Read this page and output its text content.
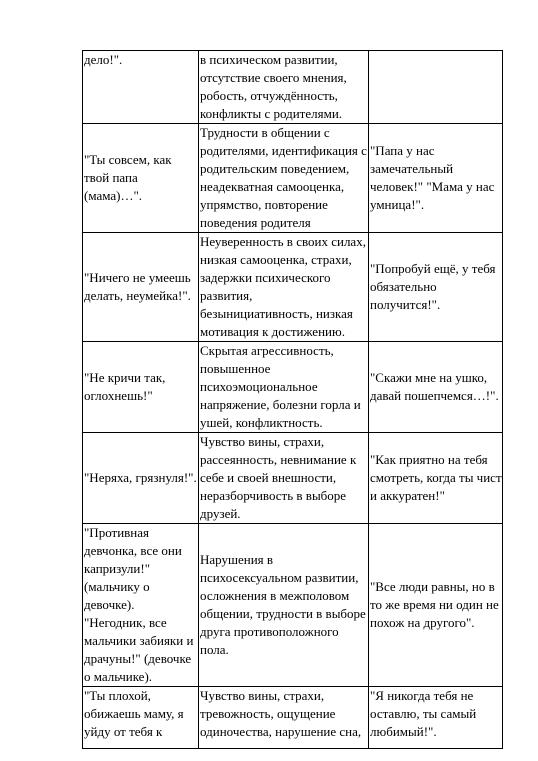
дело!".	в психическом развитии, отсутствие своего мнения, робость, отчуждённость, конфликты с родителями.	

"Ты совсем, как твой папа (мама)…".	Трудности в общении с родителями, идентификация с родительским поведением, неадекватная самооценка, упрямство, повторение поведения родителя	"Папа у нас замечательный человек!" "Мама у нас умница!".

"Ничего не умеешь делать, неумейка!".	Неуверенность в своих силах, низкая самооценка, страхи, задержки психического развития, безынициативность, низкая мотивация к достижению.	"Попробуй ещё, у тебя обязательно получится!".

"Не кричи так, оглохнешь!"	Скрытая агрессивность, повышенное психоэмоциональное напряжение, болезни горла и ушей, конфликтность.	"Скажи мне на ушко, давай пошепчемся…!".

"Неряха, грязнуля!".	Чувство вины, страхи, рассеянность, невнимание к себе и своей внешности, неразборчивость в выборе друзей.	"Как приятно на тебя смотреть, когда ты чист и аккуратен!"

"Противная девчонка, все они капризули!" (мальчику о девочке). "Негодник, все мальчики забияки и драчуны!" (девочке о мальчике).	Нарушения в психосексуальном развитии, осложнения в межполовом общении, трудности в выборе друга противоположного пола.	"Все люди равны, но в то же время ни один не похож на другого".

"Ты плохой, обижаешь маму, я уйду от тебя к	Чувство вины, страхи, тревожность, ощущение одиночества, нарушение сна,	"Я никогда тебя не оставлю, ты самый любимый!".
